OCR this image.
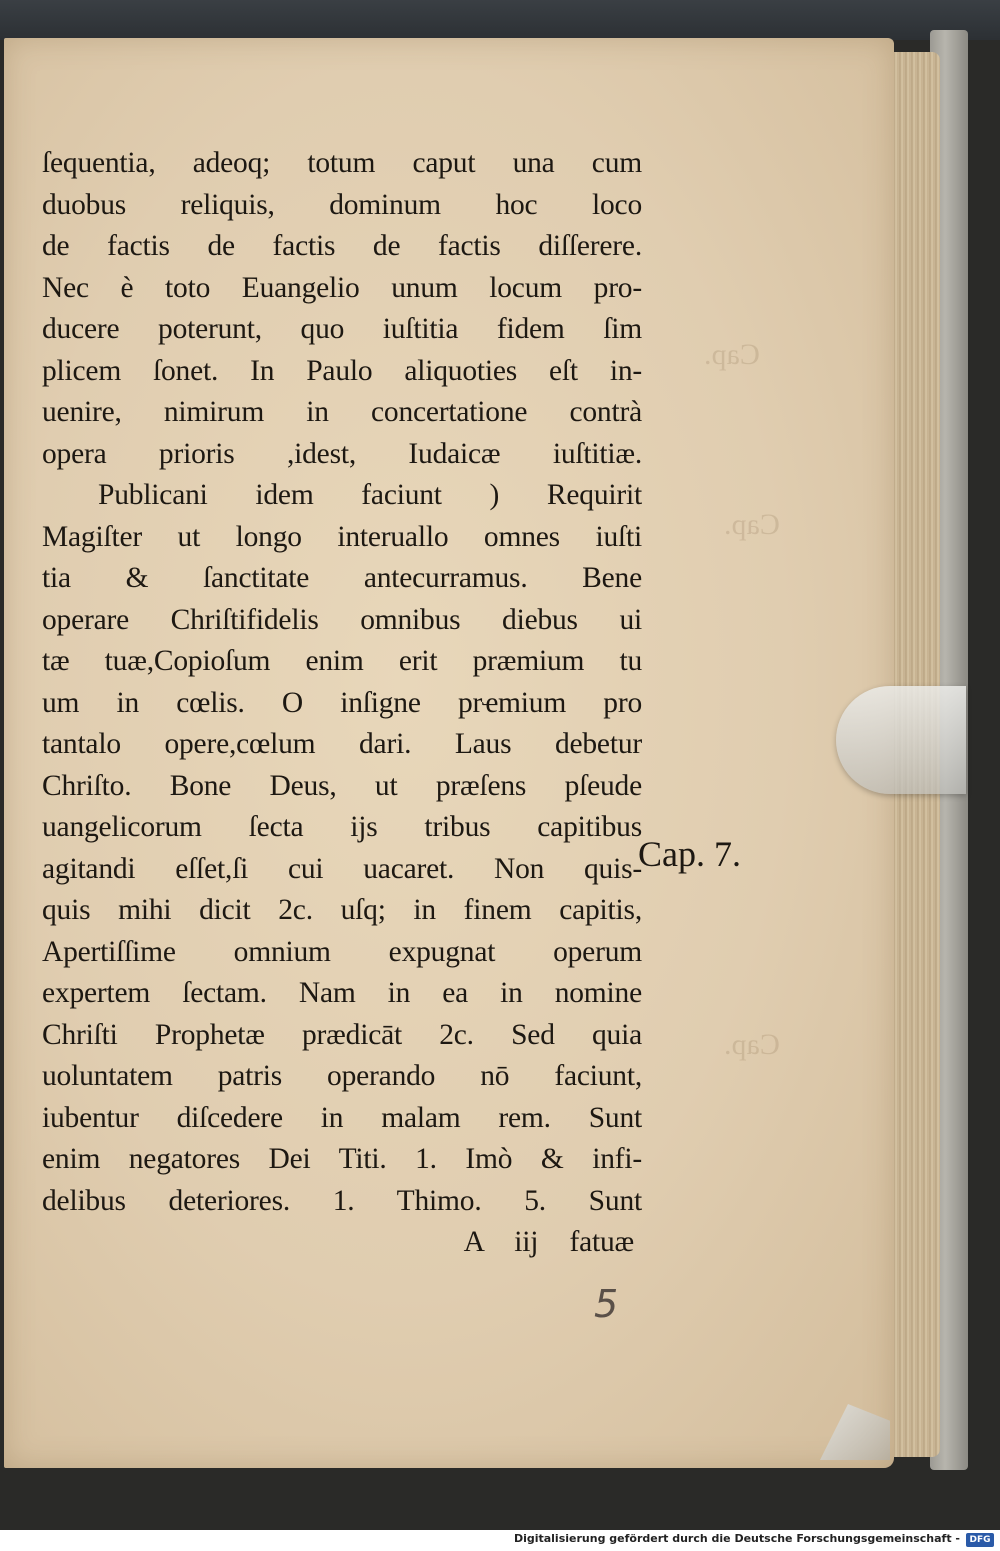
Cap.
Cap.
Cap.
ſequentia, adeoq; totum caput una cum
duobus reliquis, dominum hoc loco
de factis de factis de factis diſſerere.
Nec è toto Euangelio unum locum pro-
ducere poterunt, quo iuſtitia fidem ſim
plicem ſonet. In Paulo aliquoties eſt in-
uenire, nimirum in concertatione contrà
opera prioris ,idest, Iudaicæ iuſtitiæ.
Publicani idem faciunt ) Requirit
Magiſter ut longo interuallo omnes iuſti
tia & ſanctitate antecurramus. Bene
operare Chriſtifidelis omnibus diebus ui
tæ tuæ,Copioſum enim erit præmium tu
um in cœlis. O inſigne prҽmium pro
tantalo opere,cœlum dari. Laus debetur
Chriſto. Bone Deus, ut præſens pſeude
uangelicorum ſecta ijs tribus capitibus
agitandi eſſet,ſi cui uacaret. Non quis-
quis mihi dicit 2c. uſq; in finem capitis,
Apertiſſime omnium expugnat operum
expertem ſectam. Nam in ea in nomine
Chriſti Prophetæ prædicāt 2c. Sed quia
uoluntatem patris operando nō faciunt,
iubentur diſcedere in malam rem. Sunt
enim negatores Dei Titi. 1. Imò & infi-
delibus deteriores. 1. Thimo. 5. Sunt
A iij fatuæ
Cap. 7.
5
Digitalisierung gefördert durch die Deutsche Forschungsgemeinschaft -	DFG
